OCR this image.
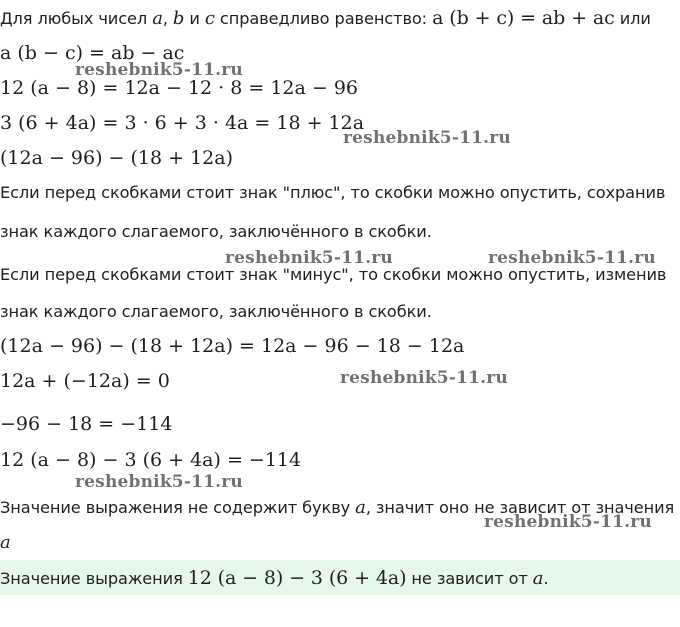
Для любых чисел a, b и c справедливо равенство: a (b + c) = ab + ac или
a (b − c) = ab − ac
12 (a − 8) = 12a − 12 · 8 = 12a − 96
3 (6 + 4a) = 3 · 6 + 3 · 4a = 18 + 12a
(12a − 96) − (18 + 12a)
Если перед скобками стоит знак "плюс", то скобки можно опустить, сохранив
знак каждого слагаемого, заключённого в скобки.
Если перед скобками стоит знак "минус", то скобки можно опустить, изменив
знак каждого слагаемого, заключённого в скобки.
(12a − 96) − (18 + 12a) = 12a − 96 − 18 − 12a
12a + (−12a) = 0
−96 − 18 = −114
12 (a − 8) − 3 (6 + 4a) = −114
Значение выражения не содержит букву a, значит оно не зависит от значения
a
Значение выражения 12 (a − 8) − 3 (6 + 4a) не зависит от a.
reshebnik5-11.ru
reshebnik5-11.ru
reshebnik5-11.ru	reshebnik5-11.ru
reshebnik5-11.ru
reshebnik5-11.ru
reshebnik5-11.ru
